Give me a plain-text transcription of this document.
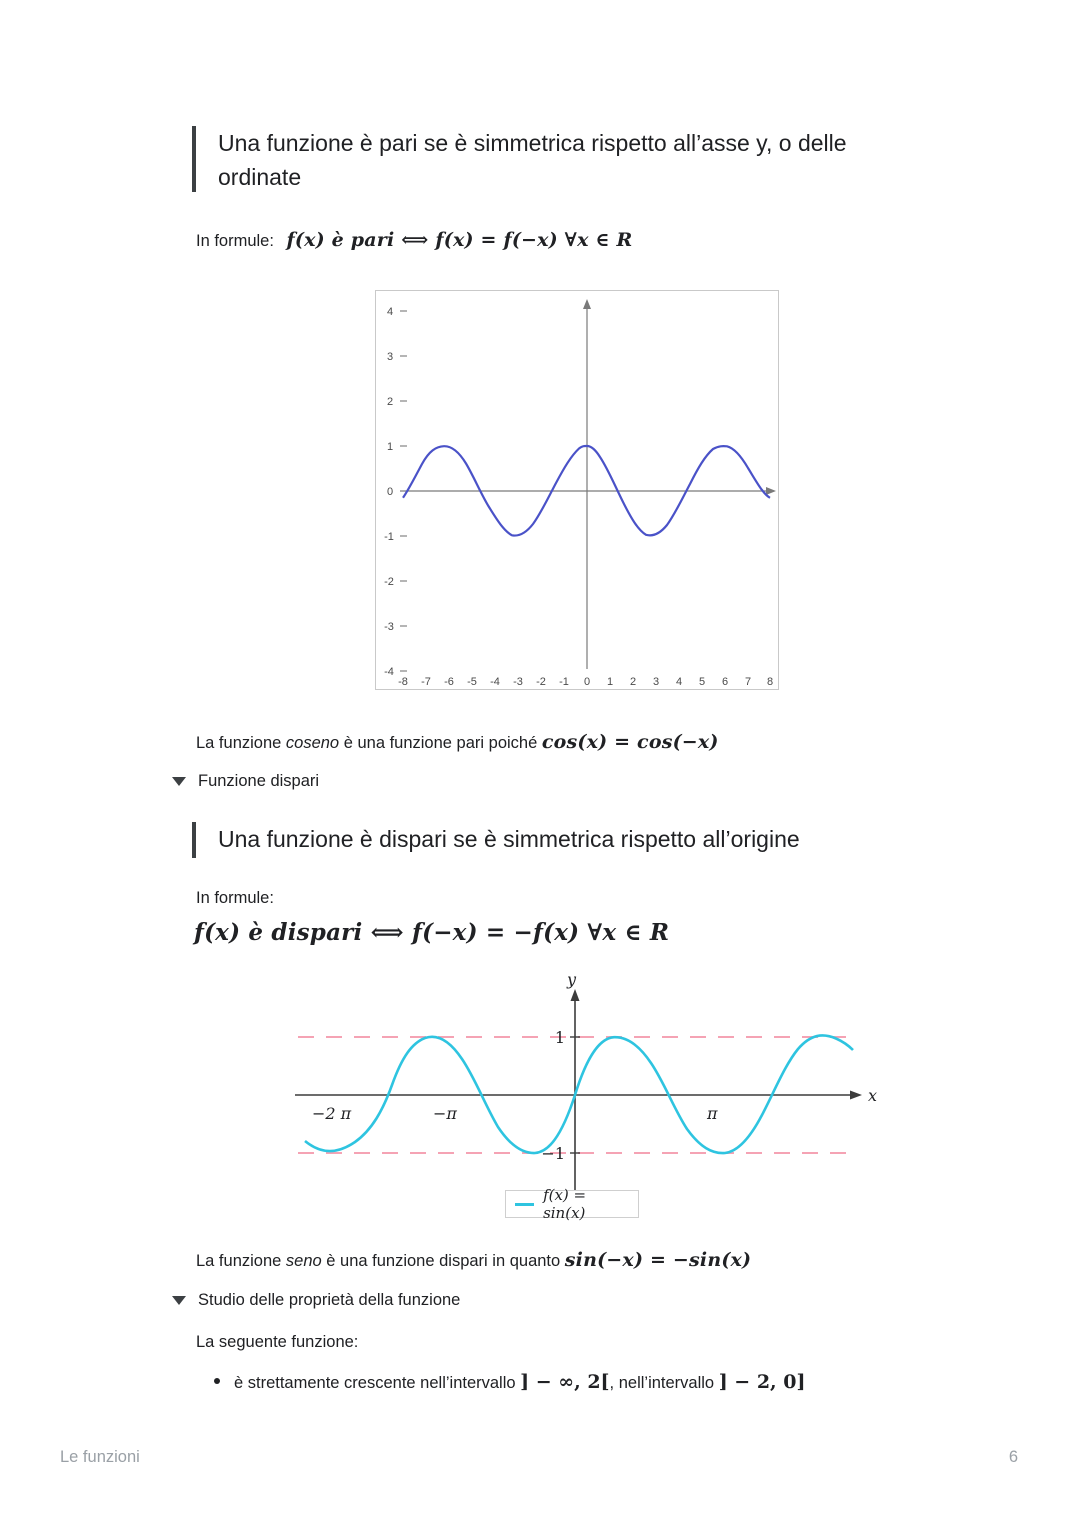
Una funzione è pari se è simmetrica rispetto all’asse y, o delle ordinate
In formule: f(x) è pari ⟺ f(x) = f(−x) ∀x ∈ R
4
3
2
1
0
-1
-2
-3
-4
-8 -7 -6 -5 -4 -3 -2 -1 0 1 2 3 4 5 6 7 8
La funzione coseno è una funzione pari poiché cos(x) = cos(−x)
Funzione dispari
Una funzione è dispari se è simmetrica rispetto all’origine
In formule:
f(x) è dispari ⟺ f(−x) = −f(x) ∀x ∈ R
x
y
1
−1
−2 π	−π	π
f(x) = sin(x)
La funzione seno è una funzione dispari in quanto sin(−x) = −sin(x)
Studio delle proprietà della funzione
La seguente funzione:
è strettamente crescente nell’intervallo ] − ∞, 2[, nell’intervallo ] − 2, 0]
Le funzioni	6
